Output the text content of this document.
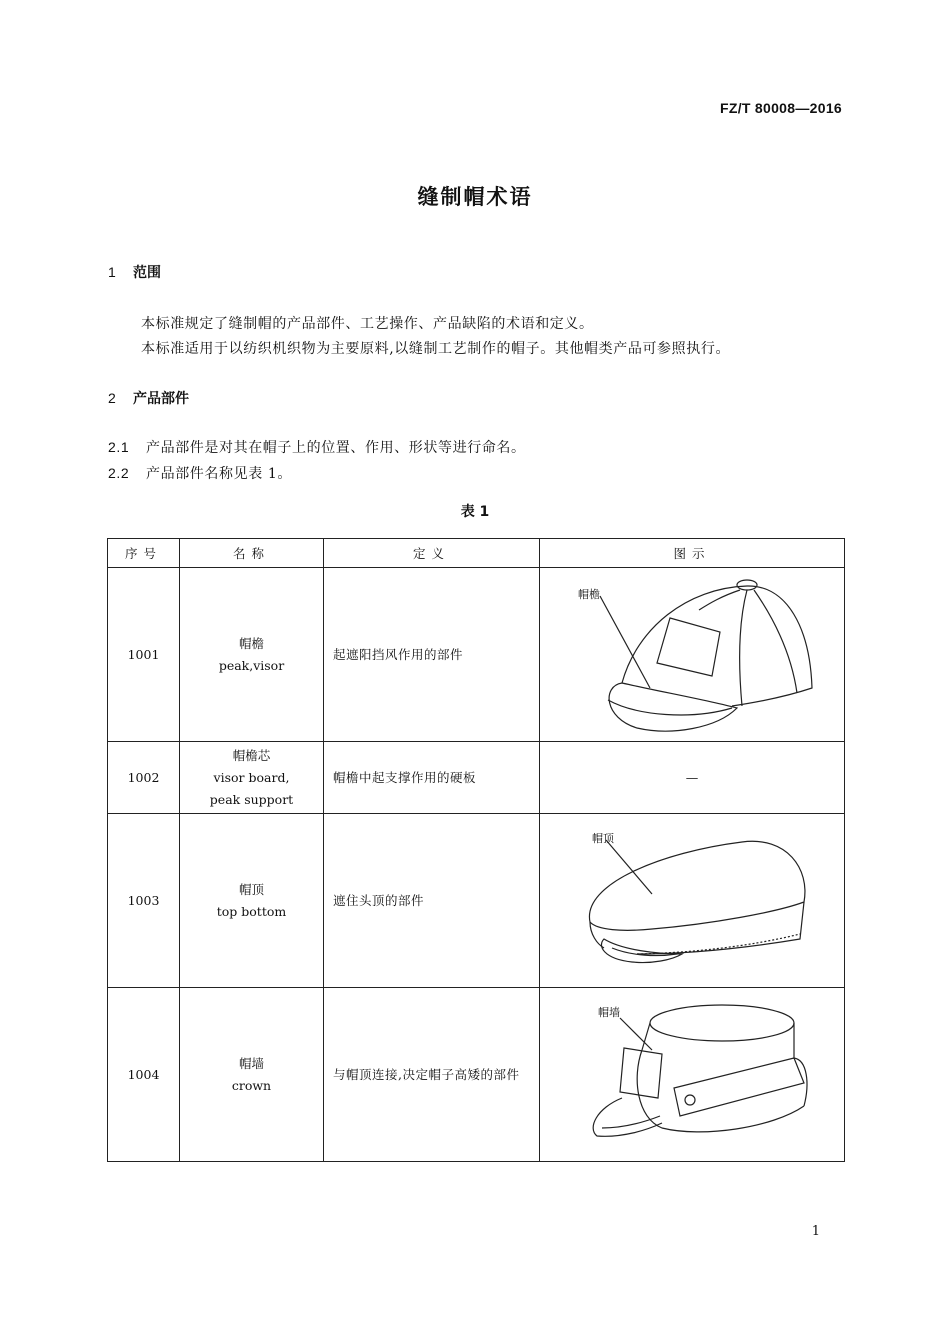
FZ/T 80008—2016
缝制帽术语
1 范围
本标准规定了缝制帽的产品部件、工艺操作、产品缺陷的术语和定义。
本标准适用于以纺织机织物为主要原料,以缝制工艺制作的帽子。其他帽类产品可参照执行。
2 产品部件
2.1 产品部件是对其在帽子上的位置、作用、形状等进行命名。
2.2 产品部件名称见表 1。
表 1
序号	名称	定义	图示
1001	帽檐
peak,visor	起遮阳挡风作用的部件	帽檐

1002	帽檐芯
visor board,
peak support	帽檐中起支撑作用的硬板	—
1003	帽顶
top bottom	遮住头顶的部件	帽顶

1004	帽墙
crown	与帽顶连接,决定帽子高矮的部件	帽墙
1
